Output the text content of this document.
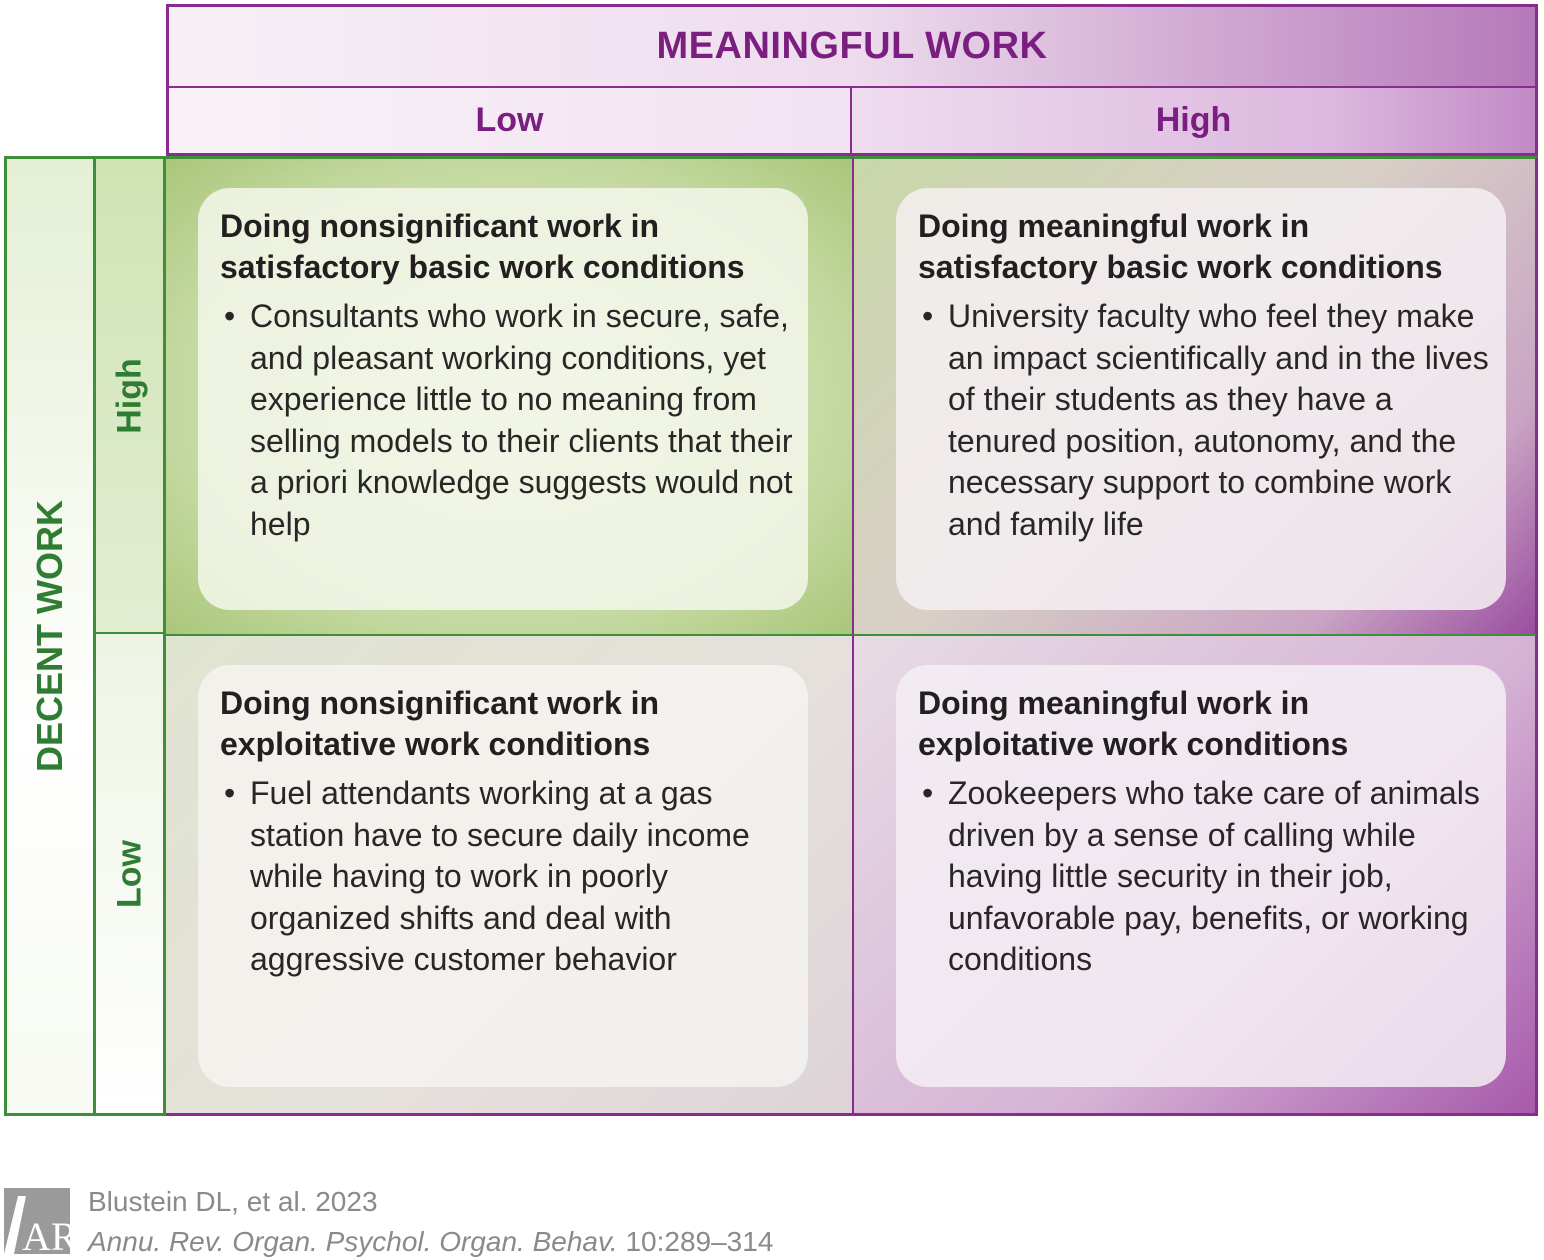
MEANINGFUL WORK
Low	High
DECENT WORK
High
Low
Doing nonsignificant work in satisfactory basic work conditions
• Consultants who work in secure, safe, and pleasant working conditions, yet experience little to no meaning from selling models to their clients that their a priori knowledge suggests would not help
Doing meaningful work in satisfactory basic work conditions
• University faculty who feel they make an impact scientifically and in the lives of their students as they have a tenured position, autonomy, and the necessary support to combine work and family life
Doing nonsignificant work in exploitative work conditions
• Fuel attendants working at a gas station have to secure daily income while having to work in poorly organized shifts and deal with aggressive customer behavior
Doing meaningful work in exploitative work conditions
• Zookeepers who take care of animals driven by a sense of calling while having little security in their job, unfavorable pay, benefits, or working conditions
AR
Blustein DL, et al. 2023
Annu. Rev. Organ. Psychol. Organ. Behav. 10:289–314
